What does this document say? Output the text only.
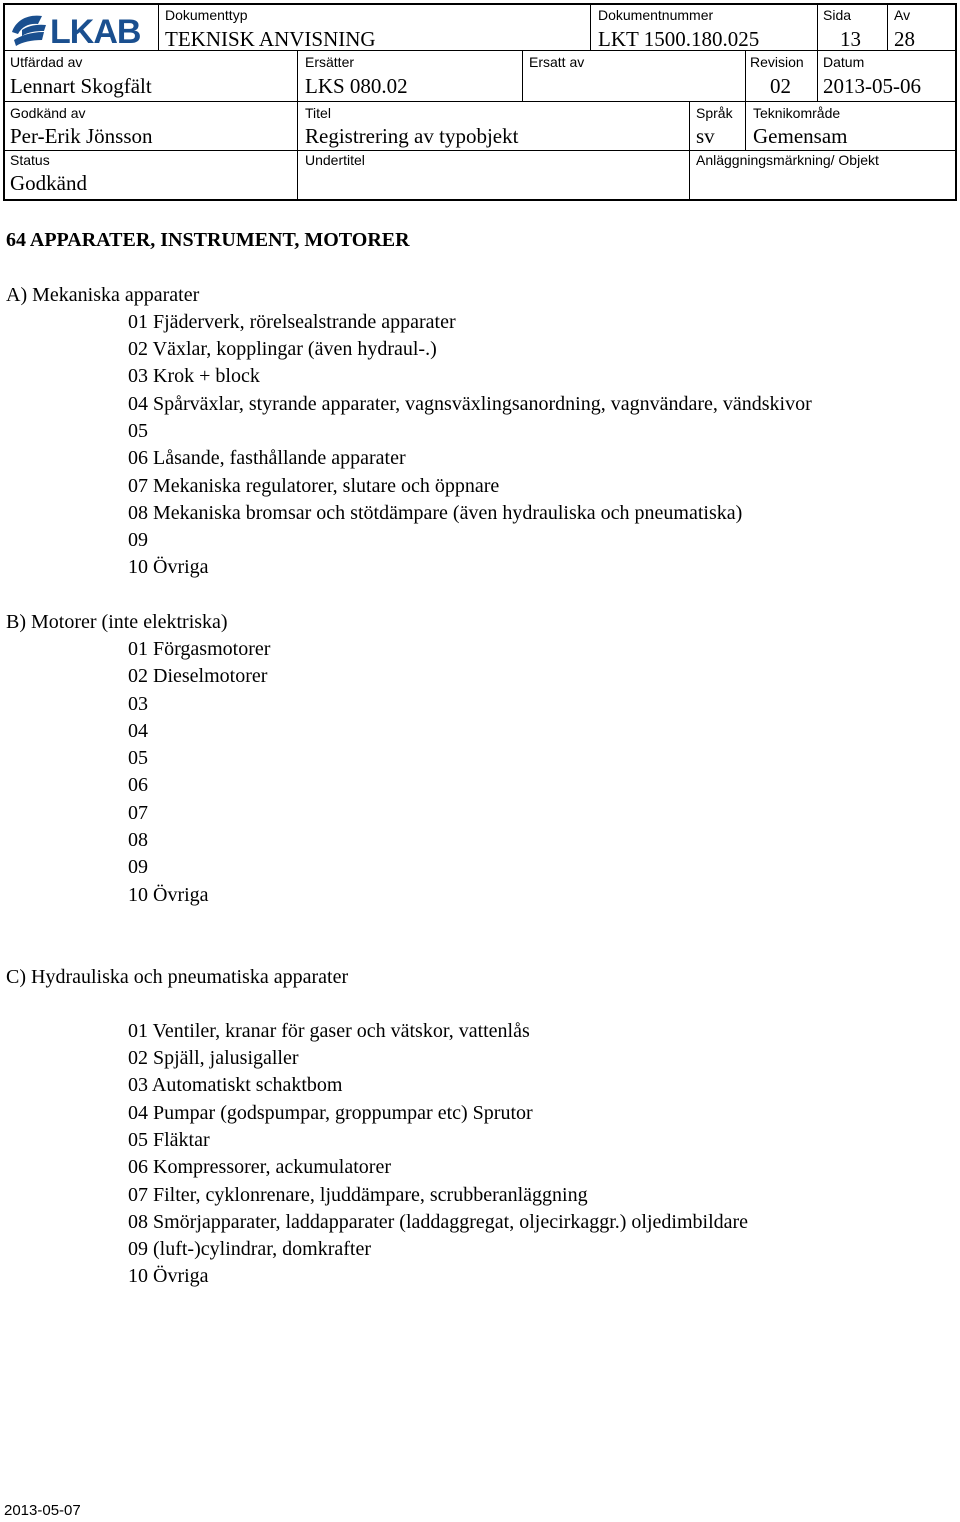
LKAB Dokumenttyp
TEKNISK ANVISNING
Dokumentnummer
LKT 1500.180.025
Sida
13
Av
28
Utfärdad av
Lennart Skogfält
Ersätter
LKS 080.02
Ersatt av	Revision
02
Datum
2013-05-06
Godkänd av
Per-Erik Jönsson
Titel
Registrering av typobjekt
Språk
sv
Teknikområde
Gemensam
Status
Godkänd
Undertitel	Anläggningsmärkning/ Objekt
64 APPARATER, INSTRUMENT, MOTORER
A) Mekaniska apparater
01 Fjäderverk, rörelsealstrande apparater
02 Växlar, kopplingar (även hydraul-.)
03 Krok + block
04 Spårväxlar, styrande apparater, vagnsväxlingsanordning, vagnvändare, vändskivor
05
06 Låsande, fasthållande apparater
07 Mekaniska regulatorer, slutare och öppnare
08 Mekaniska bromsar och stötdämpare (även hydrauliska och pneumatiska)
09
10 Övriga
B) Motorer (inte elektriska)
01 Förgasmotorer
02 Dieselmotorer
03
04
05
06
07
08
09
10 Övriga
C) Hydrauliska och pneumatiska apparater
01 Ventiler, kranar för gaser och vätskor, vattenlås
02 Spjäll, jalusigaller
03 Automatiskt schaktbom
04 Pumpar (godspumpar, groppumpar etc) Sprutor
05 Fläktar
06 Kompressorer, ackumulatorer
07 Filter, cyklonrenare, ljuddämpare, scrubberanläggning
08 Smörjapparater, laddapparater (laddaggregat, oljecirkaggr.) oljedimbildare
09 (luft-)cylindrar, domkrafter
10 Övriga
2013-05-07
